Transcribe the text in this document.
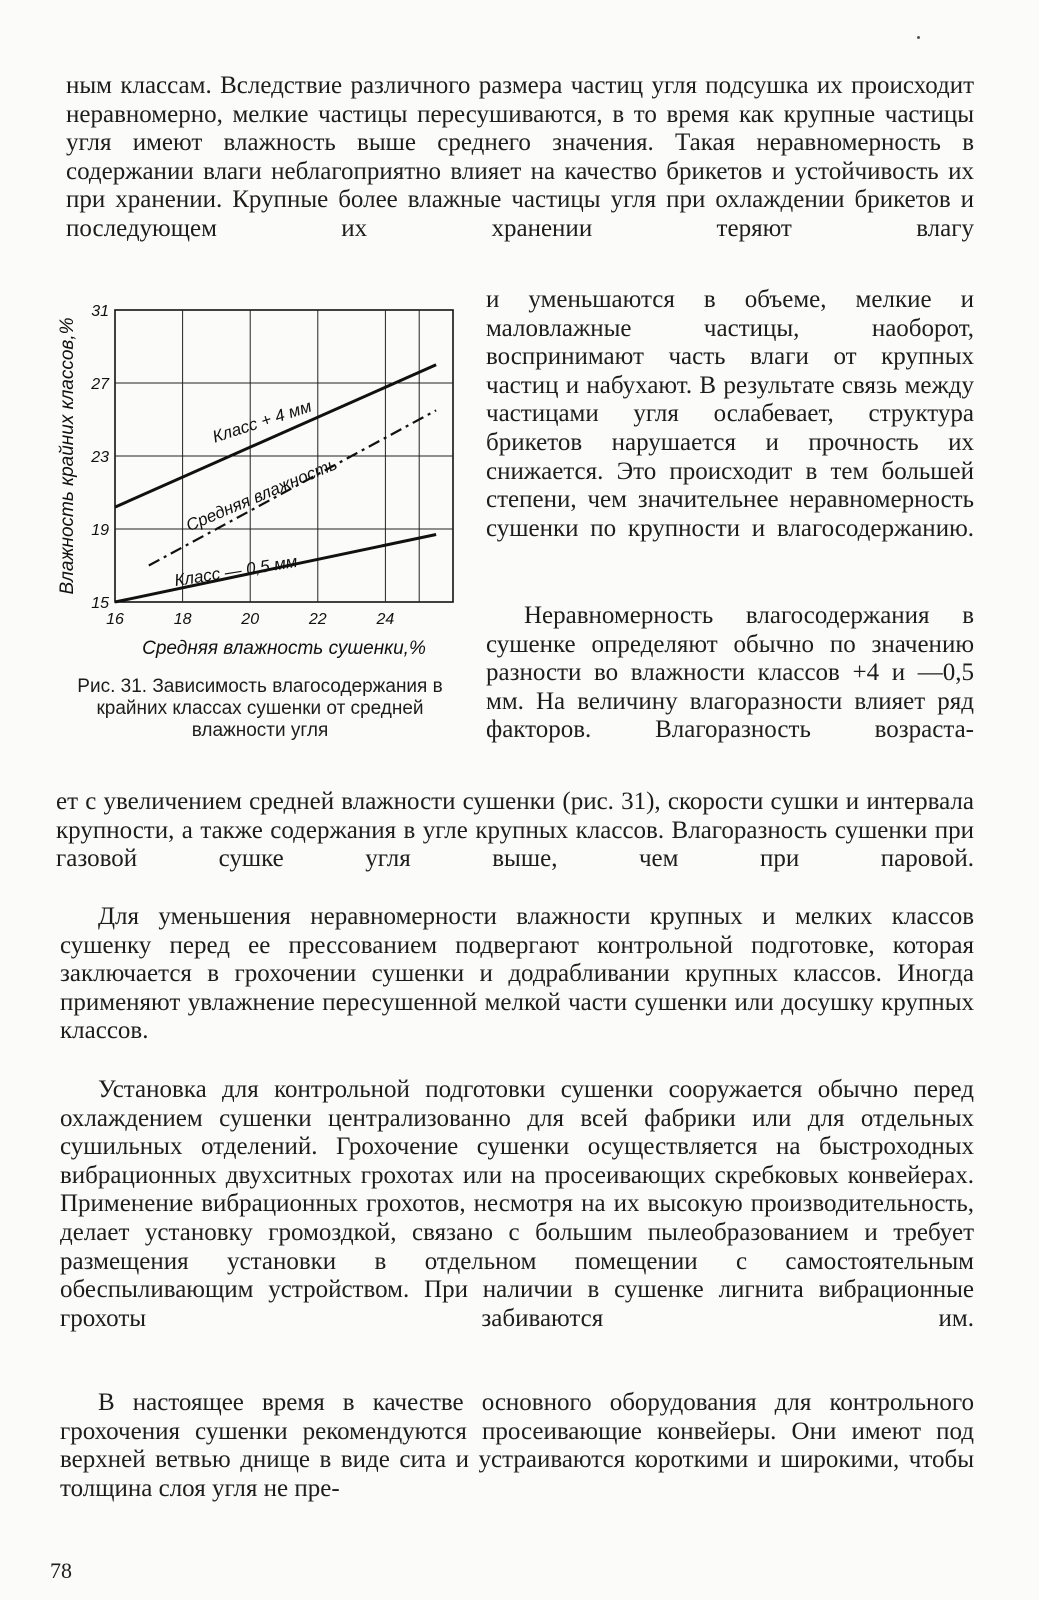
ным классам. Вследствие различного размера частиц угля подсушка их происходит неравномерно, мелкие частицы пересушиваются, в то время как крупные частицы угля имеют влажность выше среднего значения. Такая неравномерность в содержании влаги неблагоприятно влияет на качество брикетов и устойчивость их при хранении. Крупные более влажные частицы угля при охлаждении брикетов и последующем их хранении теряют влагу

и уменьшаются в объеме, мелкие и маловлажные частицы, наоборот, воспринимают часть влаги от крупных частиц и набухают. В результате связь между частицами угля ослабевает, структура брикетов нарушается и прочность их снижается. Это происходит в тем большей степени, чем значительнее неравномерность сушенки по крупности и влагосодержанию.

16	18	20	22	24
15
19
23
27
31
Класс + 4 мм
Средняя влажность
Класс — 0,5 мм
Средняя влажность сушенки,%
Влажность крайних классов,%

Рис. 31. Зависимость влагосодержания в крайних классах сушенки от средней влажности угля

Неравномерность влагосодержания в сушенке определяют обычно по значению разности во влажности классов +4 и —0,5 мм. На величину влагоразности влияет ряд факторов. Влагоразность возраста-

ет с увеличением средней влажности сушенки (рис. 31), скорости сушки и интервала крупности, а также содержания в угле крупных классов. Влагоразность сушенки при газовой сушке угля выше, чем при паровой.

Для уменьшения неравномерности влажности крупных и мелких классов сушенку перед ее прессованием подвергают контрольной подготовке, которая заключается в грохочении сушенки и додрабливании крупных классов. Иногда применяют увлажнение пересушенной мелкой части сушенки или досушку крупных классов.

Установка для контрольной подготовки сушенки сооружается обычно перед охлаждением сушенки централизованно для всей фабрики или для отдельных сушильных отделений. Грохочение сушенки осуществляется на быстроходных вибрационных двухситных грохотах или на просеивающих скребковых конвейерах. Применение вибрационных грохотов, несмотря на их высокую производительность, делает установку громоздкой, связано с большим пылеобразованием и требует размещения установки в отдельном помещении с самостоятельным обеспыливающим устройством. При наличии в сушенке лигнита вибрационные грохоты забиваются им.

В настоящее время в качестве основного оборудования для контрольного грохочения сушенки рекомендуются просеивающие конвейеры. Они имеют под верхней ветвью днище в виде сита и устраиваются короткими и широкими, чтобы толщина слоя угля не пре-

78
